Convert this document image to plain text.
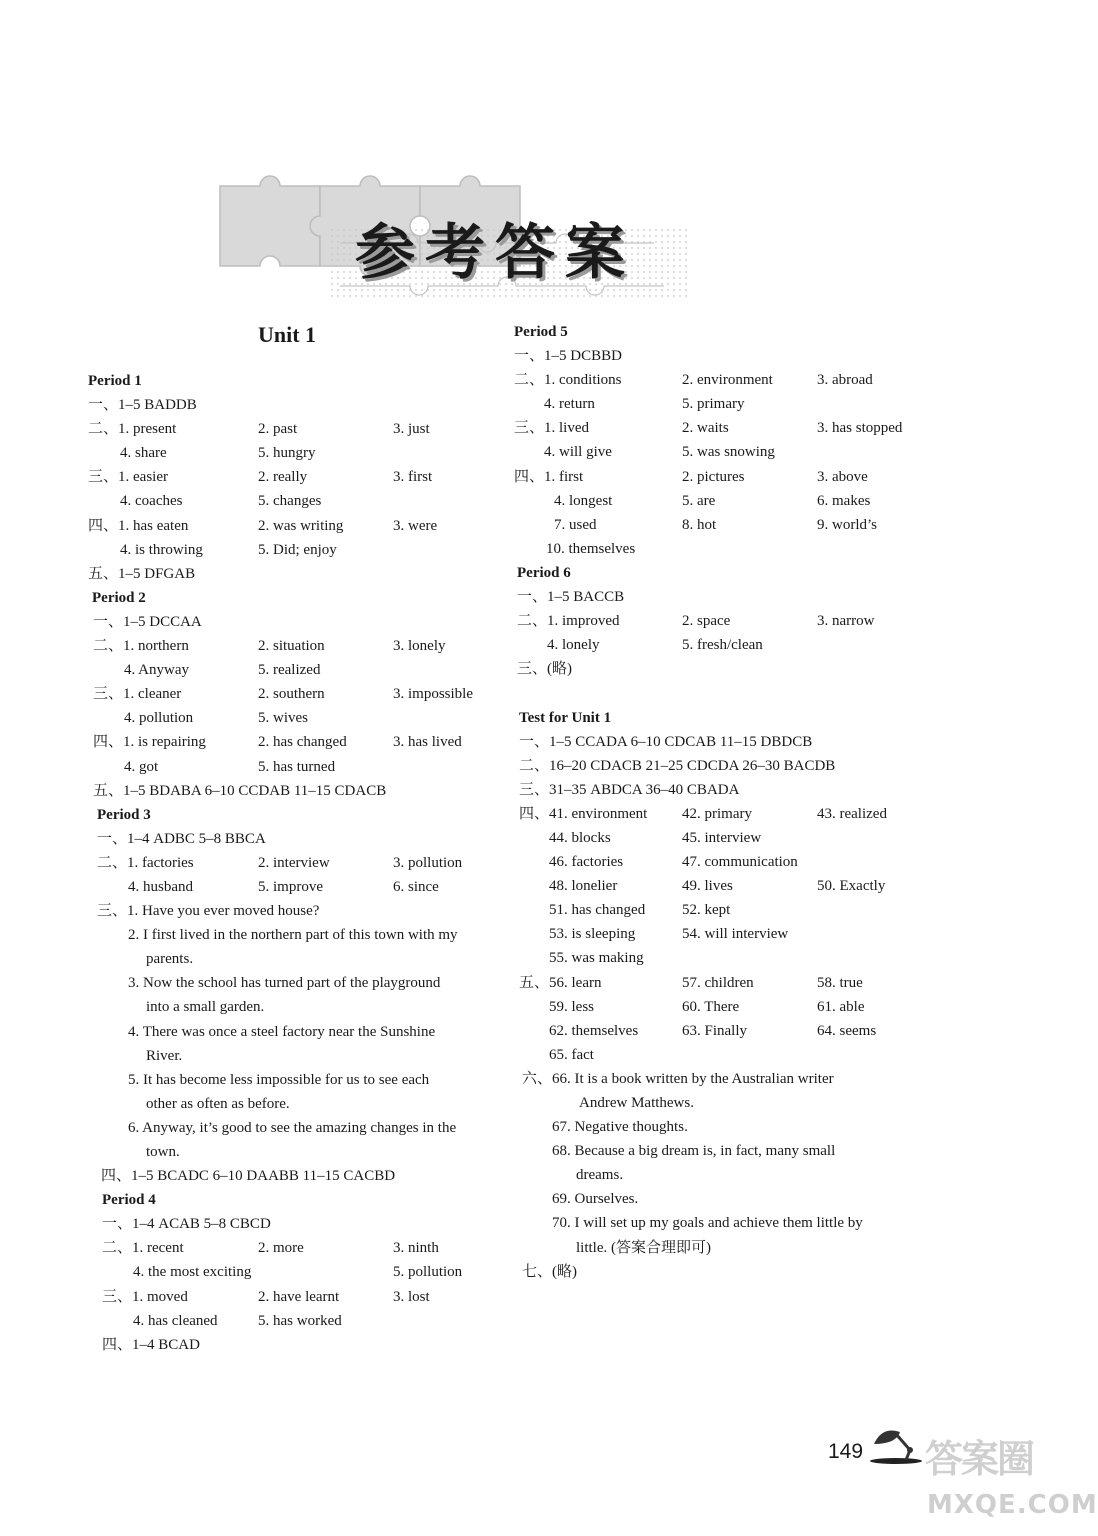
参考答案
Unit 1
Period 1
一、1–5 BADDB
二、1. present	2. past	3. just
4. share	5. hungry
三、1. easier	2. really	3. first
4. coaches	5. changes
四、1. has eaten	2. was writing	3. were
4. is throwing	5. Did; enjoy
五、1–5 DFGAB
Period 2
一、1–5 DCCAA
二、1. northern	2. situation	3. lonely
4. Anyway	5. realized
三、1. cleaner	2. southern	3. impossible
4. pollution	5. wives
四、1. is repairing	2. has changed	3. has lived
4. got	5. has turned
五、1–5 BDABA 6–10 CCDAB 11–15 CDACB
Period 3
一、1–4 ADBC 5–8 BBCA
二、1. factories	2. interview	3. pollution
4. husband	5. improve	6. since
三、1. Have you ever moved house?
2. I first lived in the northern part of this town with my
parents.
3. Now the school has turned part of the playground
into a small garden.
4. There was once a steel factory near the Sunshine
River.
5. It has become less impossible for us to see each
other as often as before.
6. Anyway, it’s good to see the amazing changes in the
town.
四、1–5 BCADC 6–10 DAABB 11–15 CACBD
Period 4
一、1–4 ACAB 5–8 CBCD
二、1. recent	2. more	3. ninth
4. the most exciting	5. pollution
三、1. moved	2. have learnt	3. lost
4. has cleaned	5. has worked
四、1–4 BCAD
Period 5
一、1–5 DCBBD
二、1. conditions	2. environment	3. abroad
4. return	5. primary
三、1. lived	2. waits	3. has stopped
4. will give	5. was snowing
四、1. first	2. pictures	3. above
4. longest	5. are	6. makes
7. used	8. hot	9. world’s
10. themselves
Period 6
一、1–5 BACCB
二、1. improved	2. space	3. narrow
4. lonely	5. fresh/clean
三、(略)
Test for Unit 1
一、1–5 CCADA 6–10 CDCAB 11–15 DBDCB
二、16–20 CDACB 21–25 CDCDA 26–30 BACDB
三、31–35 ABDCA 36–40 CBADA
四、41. environment 42. primary	43. realized
44. blocks	45. interview
46. factories	47. communication
48. lonelier	49. lives	50. Exactly
51. has changed 52. kept
53. is sleeping	54. will interview
55. was making
五、56. learn	57. children	58. true
59. less	60. There	61. able
62. themselves	63. Finally	64. seems
65. fact
六、66. It is a book written by the Australian writer
Andrew Matthews.
67. Negative thoughts.
68. Because a big dream is, in fact, many small
dreams.
69. Ourselves.
70. I will set up my goals and achieve them little by
little. (答案合理即可)
七、(略)
149 答案圈
MXQE.COM
